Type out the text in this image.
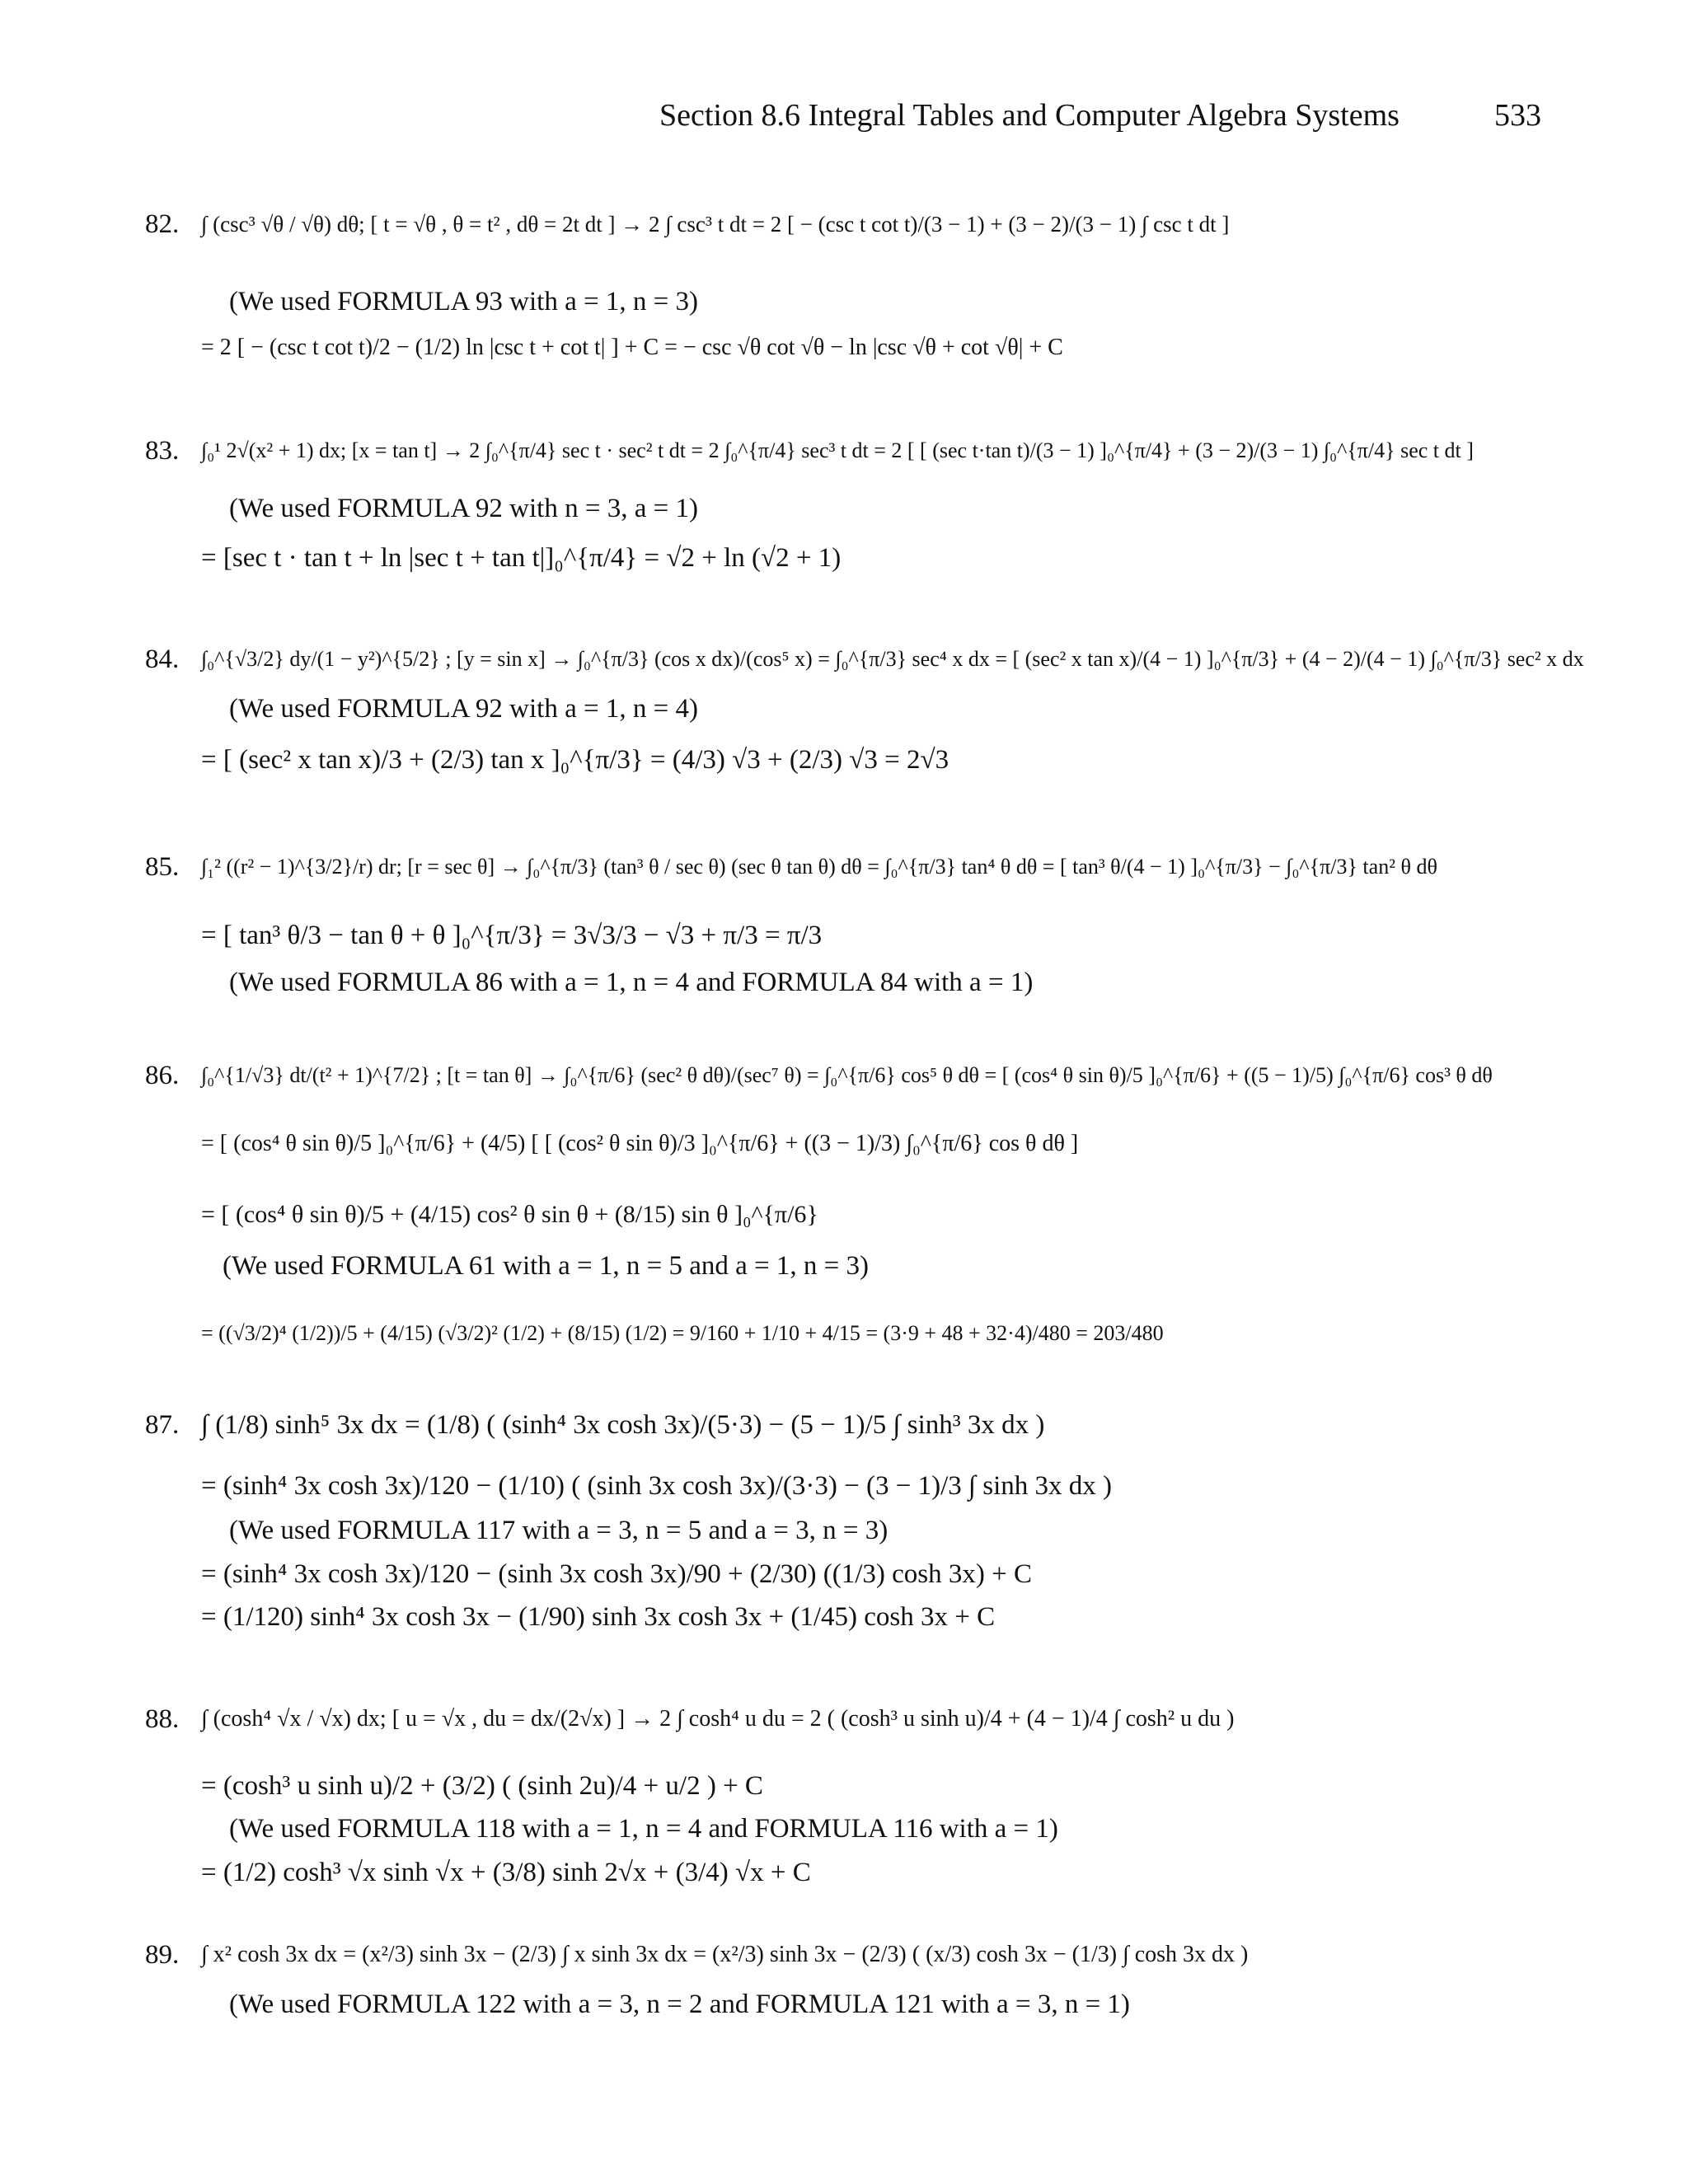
Section 8.6 Integral Tables and Computer Algebra Systems	533
82. ∫ (csc³ √θ / √θ) dθ; [ t = √θ , θ = t² , dθ = 2t dt ] → 2 ∫ csc³ t dt = 2 [ − (csc t cot t)/(3 − 1) + (3 − 2)/(3 − 1) ∫ csc t dt ]
(We used FORMULA 93 with a = 1, n = 3)
= 2 [ − (csc t cot t)/2 − (1/2) ln |csc t + cot t| ] + C = − csc √θ cot √θ − ln |csc √θ + cot √θ| + C
83. ∫₀¹ 2√(x² + 1) dx; [x = tan t] → 2 ∫₀^{π/4} sec t · sec² t dt = 2 ∫₀^{π/4} sec³ t dt = 2 [ [ (sec t·tan t)/(3 − 1) ]₀^{π/4} + (3 − 2)/(3 − 1) ∫₀^{π/4} sec t dt ]
(We used FORMULA 92 with n = 3, a = 1)
= [sec t · tan t + ln |sec t + tan t|]₀^{π/4} = √2 + ln (√2 + 1)
84. ∫₀^{√3/2} dy/(1 − y²)^{5/2} ; [y = sin x] → ∫₀^{π/3} (cos x dx)/(cos⁵ x) = ∫₀^{π/3} sec⁴ x dx = [ (sec² x tan x)/(4 − 1) ]₀^{π/3} + (4 − 2)/(4 − 1) ∫₀^{π/3} sec² x dx
(We used FORMULA 92 with a = 1, n = 4)
= [ (sec² x tan x)/3 + (2/3) tan x ]₀^{π/3} = (4/3) √3 + (2/3) √3 = 2√3
85. ∫₁² ((r² − 1)^{3/2}/r) dr; [r = sec θ] → ∫₀^{π/3} (tan³ θ / sec θ) (sec θ tan θ) dθ = ∫₀^{π/3} tan⁴ θ dθ = [ tan³ θ/(4 − 1) ]₀^{π/3} − ∫₀^{π/3} tan² θ dθ
= [ tan³ θ/3 − tan θ + θ ]₀^{π/3} = 3√3/3 − √3 + π/3 = π/3
(We used FORMULA 86 with a = 1, n = 4 and FORMULA 84 with a = 1)
86. ∫₀^{1/√3} dt/(t² + 1)^{7/2} ; [t = tan θ] → ∫₀^{π/6} (sec² θ dθ)/(sec⁷ θ) = ∫₀^{π/6} cos⁵ θ dθ = [ (cos⁴ θ sin θ)/5 ]₀^{π/6} + ((5 − 1)/5) ∫₀^{π/6} cos³ θ dθ
= [ (cos⁴ θ sin θ)/5 ]₀^{π/6} + (4/5) [ [ (cos² θ sin θ)/3 ]₀^{π/6} + ((3 − 1)/3) ∫₀^{π/6} cos θ dθ ]
= [ (cos⁴ θ sin θ)/5 + (4/15) cos² θ sin θ + (8/15) sin θ ]₀^{π/6}
(We used FORMULA 61 with a = 1, n = 5 and a = 1, n = 3)
= ((√3/2)⁴ (1/2))/5 + (4/15) (√3/2)² (1/2) + (8/15) (1/2) = 9/160 + 1/10 + 4/15 = (3·9 + 48 + 32·4)/480 = 203/480
87. ∫ (1/8) sinh⁵ 3x dx = (1/8) ( (sinh⁴ 3x cosh 3x)/(5·3) − (5 − 1)/5 ∫ sinh³ 3x dx )
= (sinh⁴ 3x cosh 3x)/120 − (1/10) ( (sinh 3x cosh 3x)/(3·3) − (3 − 1)/3 ∫ sinh 3x dx )
(We used FORMULA 117 with a = 3, n = 5 and a = 3, n = 3)
= (sinh⁴ 3x cosh 3x)/120 − (sinh 3x cosh 3x)/90 + (2/30) ((1/3) cosh 3x) + C
= (1/120) sinh⁴ 3x cosh 3x − (1/90) sinh 3x cosh 3x + (1/45) cosh 3x + C
88. ∫ (cosh⁴ √x / √x) dx; [ u = √x , du = dx/(2√x) ] → 2 ∫ cosh⁴ u du = 2 ( (cosh³ u sinh u)/4 + (4 − 1)/4 ∫ cosh² u du )
= (cosh³ u sinh u)/2 + (3/2) ( (sinh 2u)/4 + u/2 ) + C
(We used FORMULA 118 with a = 1, n = 4 and FORMULA 116 with a = 1)
= (1/2) cosh³ √x sinh √x + (3/8) sinh 2√x + (3/4) √x + C
89. ∫ x² cosh 3x dx = (x²/3) sinh 3x − (2/3) ∫ x sinh 3x dx = (x²/3) sinh 3x − (2/3) ( (x/3) cosh 3x − (1/3) ∫ cosh 3x dx )
(We used FORMULA 122 with a = 3, n = 2 and FORMULA 121 with a = 3, n = 1)
